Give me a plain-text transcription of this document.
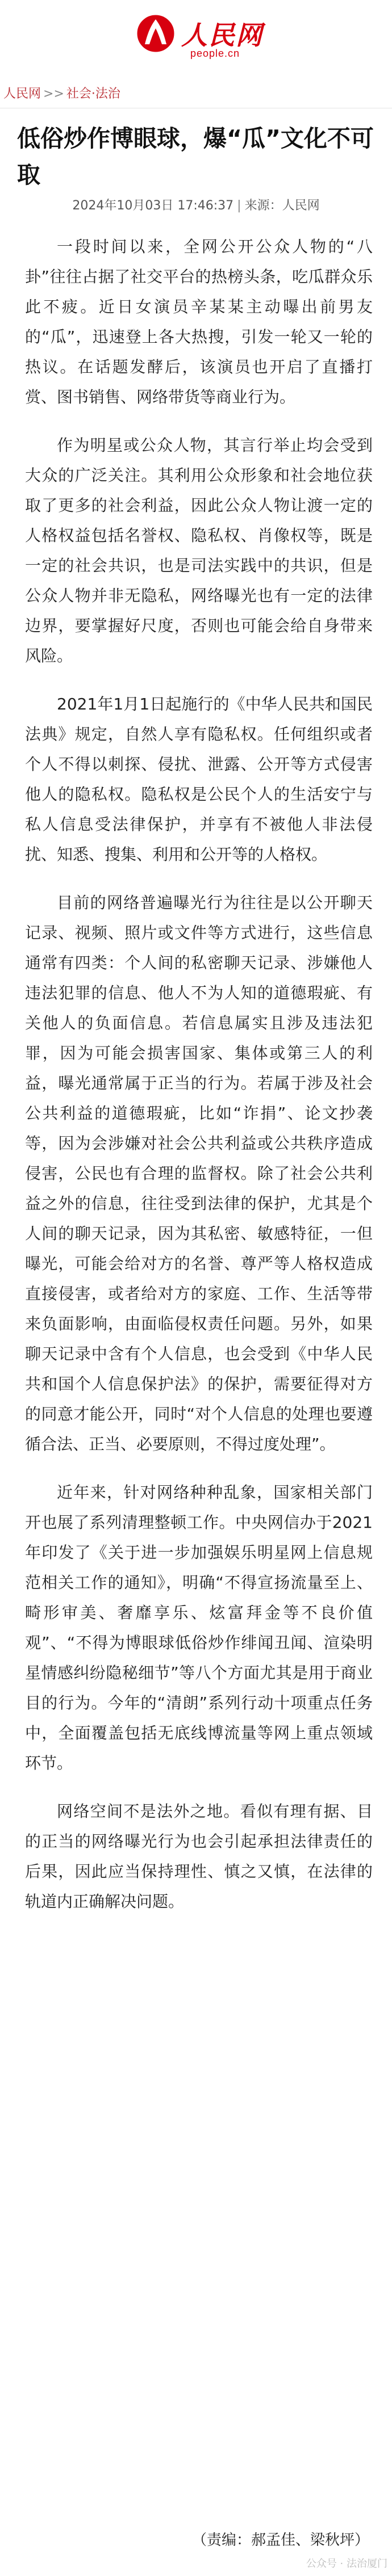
人民网
people.cn
人民网 >> 社会·法治
低俗炒作博眼球，爆“瓜”文化不可取
2024年10月03日 17:46:37 | 来源：人民网

一段时间以来，全网公开公众人物的“八卦”往往占据了社交平台的热榜头条，吃瓜群众乐此不疲。近日女演员辛某某主动曝出前男友的“瓜”，迅速登上各大热搜，引发一轮又一轮的热议。在话题发酵后，该演员也开启了直播打赏、图书销售、网络带货等商业行为。

作为明星或公众人物，其言行举止均会受到大众的广泛关注。其利用公众形象和社会地位获取了更多的社会利益，因此公众人物让渡一定的人格权益包括名誉权、隐私权、肖像权等，既是一定的社会共识，也是司法实践中的共识，但是公众人物并非无隐私，网络曝光也有一定的法律边界，要掌握好尺度，否则也可能会给自身带来风险。

2021年1月1日起施行的《中华人民共和国民法典》规定，自然人享有隐私权。任何组织或者个人不得以刺探、侵扰、泄露、公开等方式侵害他人的隐私权。隐私权是公民个人的生活安宁与私人信息受法律保护，并享有不被他人非法侵扰、知悉、搜集、利用和公开等的人格权。

目前的网络普遍曝光行为往往是以公开聊天记录、视频、照片或文件等方式进行，这些信息通常有四类：个人间的私密聊天记录、涉嫌他人违法犯罪的信息、他人不为人知的道德瑕疵、有关他人的负面信息。若信息属实且涉及违法犯罪，因为可能会损害国家、集体或第三人的利益，曝光通常属于正当的行为。若属于涉及社会公共利益的道德瑕疵，比如“诈捐”、论文抄袭等，因为会涉嫌对社会公共利益或公共秩序造成侵害，公民也有合理的监督权。除了社会公共利益之外的信息，往往受到法律的保护，尤其是个人间的聊天记录，因为其私密、敏感特征，一但曝光，可能会给对方的名誉、尊严等人格权造成直接侵害，或者给对方的家庭、工作、生活等带来负面影响，由面临侵权责任问题。另外，如果聊天记录中含有个人信息，也会受到《中华人民共和国个人信息保护法》的保护，需要征得对方的同意才能公开，同时“对个人信息的处理也要遵循合法、正当、必要原则，不得过度处理”。

近年来，针对网络种种乱象，国家相关部门开也展了系列清理整顿工作。中央网信办于2021年印发了《关于进一步加强娱乐明星网上信息规范相关工作的通知》，明确“不得宣扬流量至上、畸形审美、奢靡享乐、炫富拜金等不良价值观”、“不得为博眼球低俗炒作绯闻丑闻、渲染明星情感纠纷隐秘细节”等八个方面尤其是用于商业目的行为。今年的“清朗”系列行动十项重点任务中，全面覆盖包括无底线博流量等网上重点领域环节。

网络空间不是法外之地。看似有理有据、目的正当的网络曝光行为也会引起承担法律责任的后果，因此应当保持理性、慎之又慎，在法律的轨道内正确解决问题。

（责编：郝孟佳、梁秋坪）
公众号 · 法治厦门
